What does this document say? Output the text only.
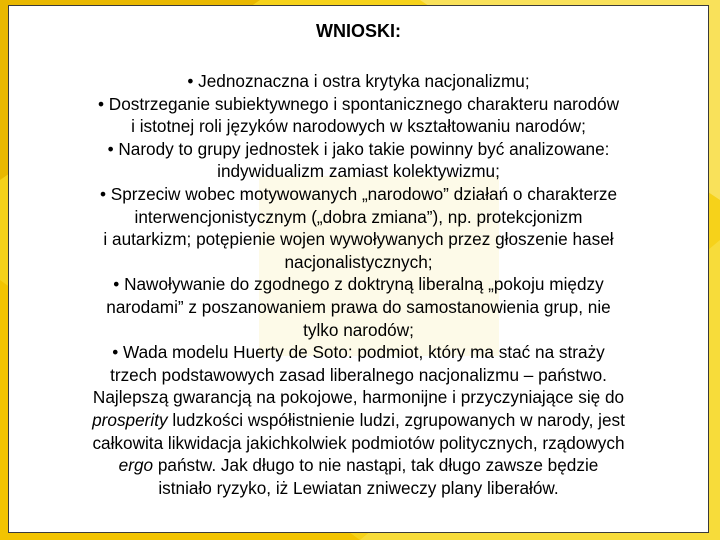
WNIOSKI:

• Jednoznaczna i ostra krytyka nacjonalizmu;

• Dostrzeganie subiektywnego i spontanicznego charakteru narodów
i istotnej roli języków narodowych w kształtowaniu narodów;

• Narody to grupy jednostek i jako takie powinny być analizowane:
indywidualizm zamiast kolektywizmu;

• Sprzeciw wobec motywowanych „narodowo” działań o charakterze
interwencjonistycznym („dobra zmiana”), np. protekcjonizm
i autarkizm; potępienie wojen wywoływanych przez głoszenie haseł
nacjonalistycznych;

• Nawoływanie do zgodnego z doktryną liberalną „pokoju między
narodami” z poszanowaniem prawa do samostanowienia grup, nie
tylko narodów;

• Wada modelu Huerty de Soto: podmiot, który ma stać na straży
trzech podstawowych zasad liberalnego nacjonalizmu – państwo.
Najlepszą gwarancją na pokojowe, harmonijne i przyczyniające się do
prosperity ludzkości współistnienie ludzi, zgrupowanych w narody, jest
całkowita likwidacja jakichkolwiek podmiotów politycznych, rządowych
ergo państw. Jak długo to nie nastąpi, tak długo zawsze będzie
istniało ryzyko, iż Lewiatan zniweczy plany liberałów.
